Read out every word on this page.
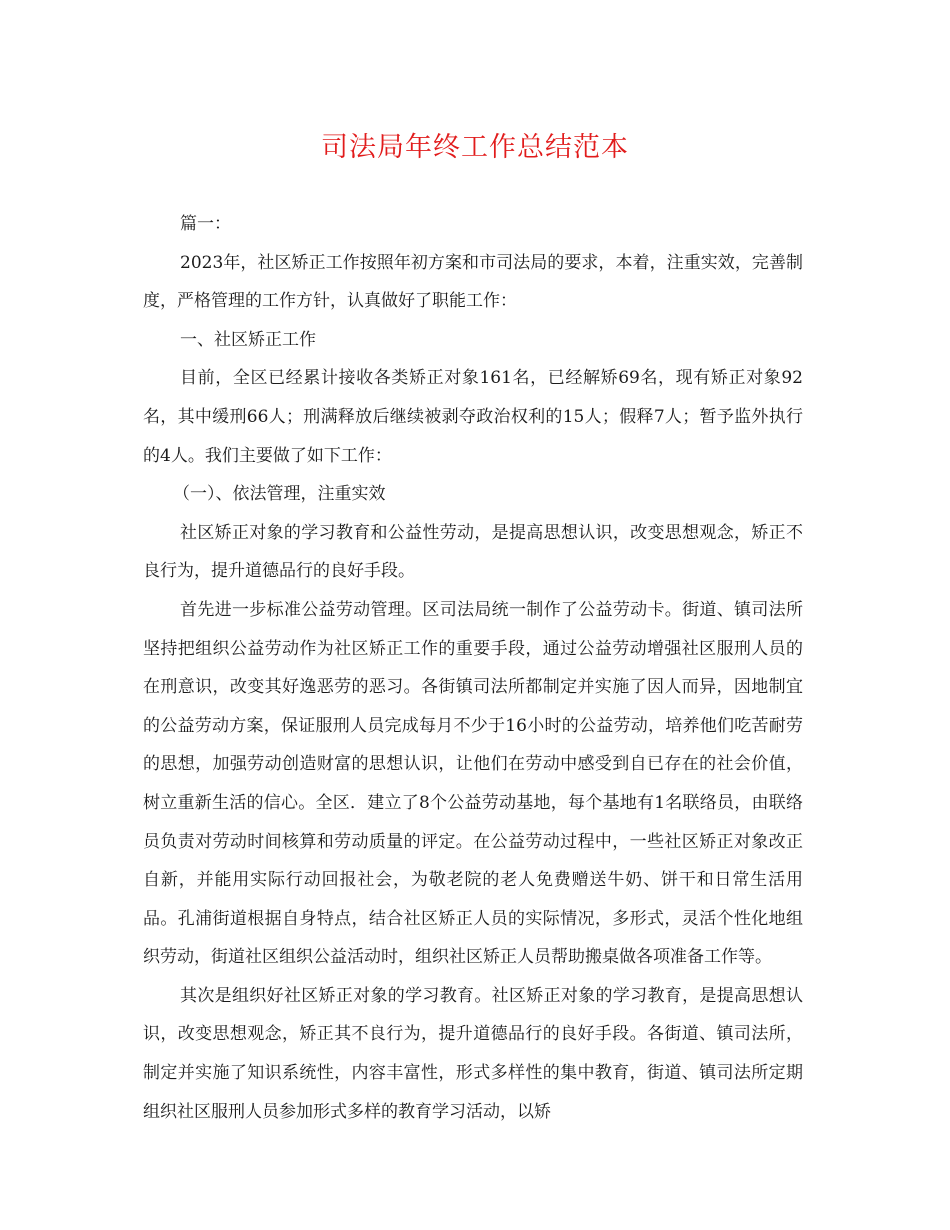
司法局年终工作总结范本

篇一：

2023年，社区矫正工作按照年初方案和市司法局的要求，本着，注重实效，完善制度，严格管理的工作方针，认真做好了职能工作：

一、社区矫正工作

目前，全区已经累计接收各类矫正对象161名，已经解矫69名，现有矫正对象92名，其中缓刑66人；刑满释放后继续被剥夺政治权利的15人；假释7人；暂予监外执行的4人。我们主要做了如下工作：

（一）、依法管理，注重实效

社区矫正对象的学习教育和公益性劳动，是提高思想认识，改变思想观念，矫正不良行为，提升道德品行的良好手段。

首先进一步标准公益劳动管理。区司法局统一制作了公益劳动卡。街道、镇司法所坚持把组织公益劳动作为社区矫正工作的重要手段，通过公益劳动增强社区服刑人员的在刑意识，改变其好逸恶劳的恶习。各街镇司法所都制定并实施了因人而异，因地制宜的公益劳动方案，保证服刑人员完成每月不少于16小时的公益劳动，培养他们吃苦耐劳的思想，加强劳动创造财富的思想认识，让他们在劳动中感受到自已存在的社会价值，树立重新生活的信心。全区．建立了8个公益劳动基地，每个基地有1名联络员，由联络员负责对劳动时间核算和劳动质量的评定。在公益劳动过程中，一些社区矫正对象改正自新，并能用实际行动回报社会，为敬老院的老人免费赠送牛奶、饼干和日常生活用品。孔浦街道根据自身特点，结合社区矫正人员的实际情况，多形式，灵活个性化地组织劳动，街道社区组织公益活动时，组织社区矫正人员帮助搬桌做各项准备工作等。

其次是组织好社区矫正对象的学习教育。社区矫正对象的学习教育，是提高思想认识，改变思想观念，矫正其不良行为，提升道德品行的良好手段。各街道、镇司法所，制定并实施了知识系统性，内容丰富性，形式多样性的集中教育，街道、镇司法所定期组织社区服刑人员参加形式多样的教育学习活动，以矫
